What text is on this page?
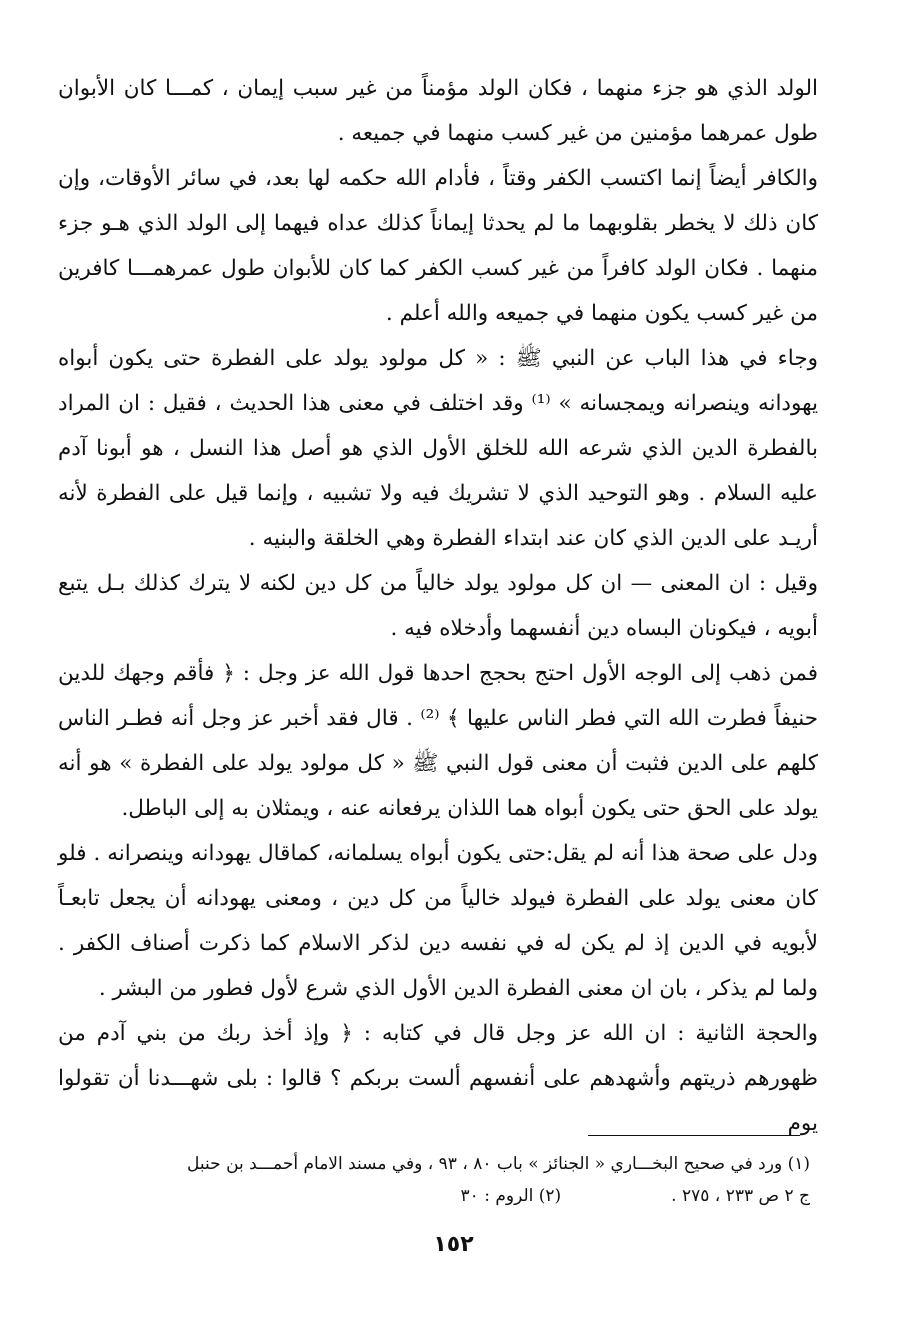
الولد الذي هو جزء منهما ، فكان الولد مؤمناً من غير سبب إيمان ، كمـــا كان الأبوان طول عمرهما مؤمنين من غير كسب منهما في جميعه .

والكافر أيضاً إنما اكتسب الكفر وقتاً ، فأدام الله حكمه لها بعد، في سائر الأوقات، وإن كان ذلك لا يخطر بقلوبهما ما لم يحدثا إيماناً كذلك عداه فيهما إلى الولد الذي هـو جزء منهما . فكان الولد كافراً من غير كسب الكفر كما كان للأبوان طول عمرهمـــا كافرين من غير كسب يكون منهما في جميعه والله أعلم .

وجاء في هذا الباب عن النبي ﷺ : « كل مولود يولد على الفطرة حتى يكون أبواه يهودانه وينصرانه ويمجسانه » ⁽¹⁾ وقد اختلف في معنى هذا الحديث ، فقيل : ان المراد بالفطرة الدين الذي شرعه الله للخلق الأول الذي هو أصل هذا النسل ، هو أبونا آدم عليه السلام . وهو التوحيد الذي لا تشريك فيه ولا تشبيه ، وإنما قيل على الفطرة لأنه أريـد على الدين الذي كان عند ابتداء الفطرة وهي الخلقة والبنيه .

وقيل : ان المعنى — ان كل مولود يولد خالياً من كل دين لكنه لا يترك كذلك بـل يتبع أبويه ، فيكونان البساه دين أنفسهما وأدخلاه فيه .

فمن ذهب إلى الوجه الأول احتج بحجج احدها قول الله عز وجل : ﴿ فأقم وجهك للدين حنيفاً فطرت الله التي فطر الناس عليها ﴾ ⁽²⁾ . قال فقد أخبر عز وجل أنه فطـر الناس كلهم على الدين فثبت أن معنى قول النبي ﷺ « كل مولود يولد على الفطرة » هو أنه يولد على الحق حتى يكون أبواه هما اللذان يرفعانه عنه ، ويمثلان به إلى الباطل.

ودل على صحة هذا أنه لم يقل:حتى يكون أبواه يسلمانه، كماقال يهودانه وينصرانه . فلو كان معنى يولد على الفطرة فيولد خالياً من كل دين ، ومعنى يهودانه أن يجعل تابعـاً لأبويه في الدين إذ لم يكن له في نفسه دين لذكر الاسلام كما ذكرت أصناف الكفر . ولما لم يذكر ، بان ان معنى الفطرة الدين الأول الذي شرع لأول فطور من البشر .

والحجة الثانية : ان الله عز وجل قال في كتابه : ﴿ وإذ أخذ ربك من بني آدم من ظهورهم ذريتهم وأشهدهم على أنفسهم ألست بربكم ؟ قالوا : بلى شهـــدنا أن تقولوا يوم

(١) ورد في صحيح البخـــاري « الجنائز » باب ٨٠ ، ٩٣ ، وفي مسند الامام أحمـــد بن حنبل
ج ٢ ص ٢٣٣ ، ٢٧٥ .
(٢) الروم : ٣٠
١٥٢
